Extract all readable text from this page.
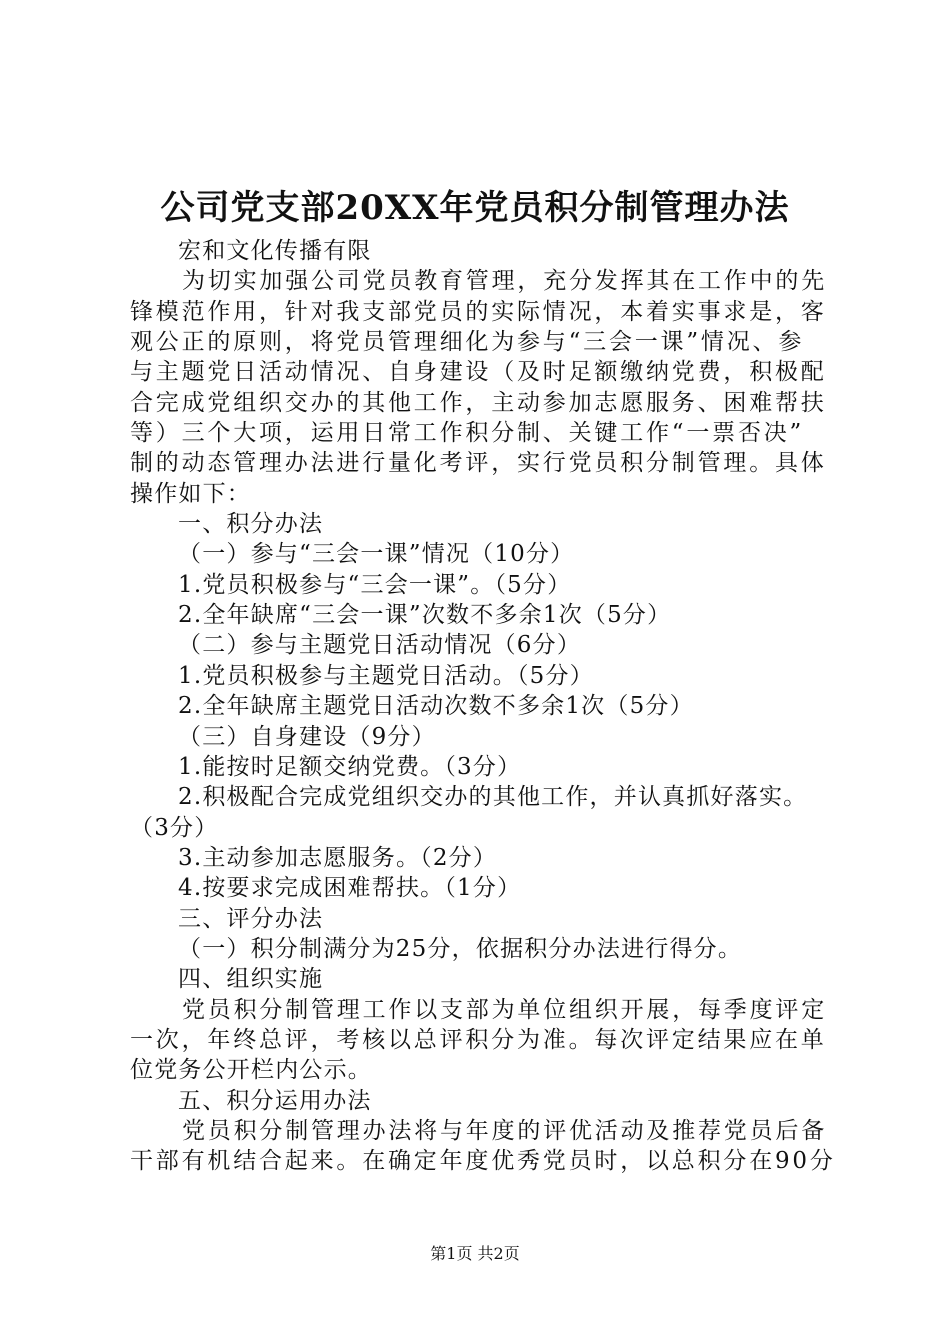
公司党支部20XX年党员积分制管理办法
宏和文化传播有限
为切实加强公司党员教育管理，充分发挥其在工作中的先
锋模范作用，针对我支部党员的实际情况，本着实事求是，客
观公正的原则，将党员管理细化为参与“三会一课”情况、参
与主题党日活动情况、自身建设（及时足额缴纳党费，积极配
合完成党组织交办的其他工作，主动参加志愿服务、困难帮扶
等）三个大项，运用日常工作积分制、关键工作“一票否决”
制的动态管理办法进行量化考评，实行党员积分制管理。具体
操作如下：
一、积分办法
（一）参与“三会一课”情况（10分）
1.党员积极参与“三会一课”。（5分）
2.全年缺席“三会一课”次数不多余1次（5分）
（二）参与主题党日活动情况（6分）
1.党员积极参与主题党日活动。（5分）
2.全年缺席主题党日活动次数不多余1次（5分）
（三）自身建设（9分）
1.能按时足额交纳党费。（3分）
2.积极配合完成党组织交办的其他工作，并认真抓好落实。
（3分）
3.主动参加志愿服务。（2分）
4.按要求完成困难帮扶。（1分）
三、评分办法
（一）积分制满分为25分，依据积分办法进行得分。
四、组织实施
党员积分制管理工作以支部为单位组织开展，每季度评定
一次，年终总评，考核以总评积分为准。每次评定结果应在单
位党务公开栏内公示。
五、积分运用办法
党员积分制管理办法将与年度的评优活动及推荐党员后备
干部有机结合起来。在确定年度优秀党员时，以总积分在90分
第1页 共2页
